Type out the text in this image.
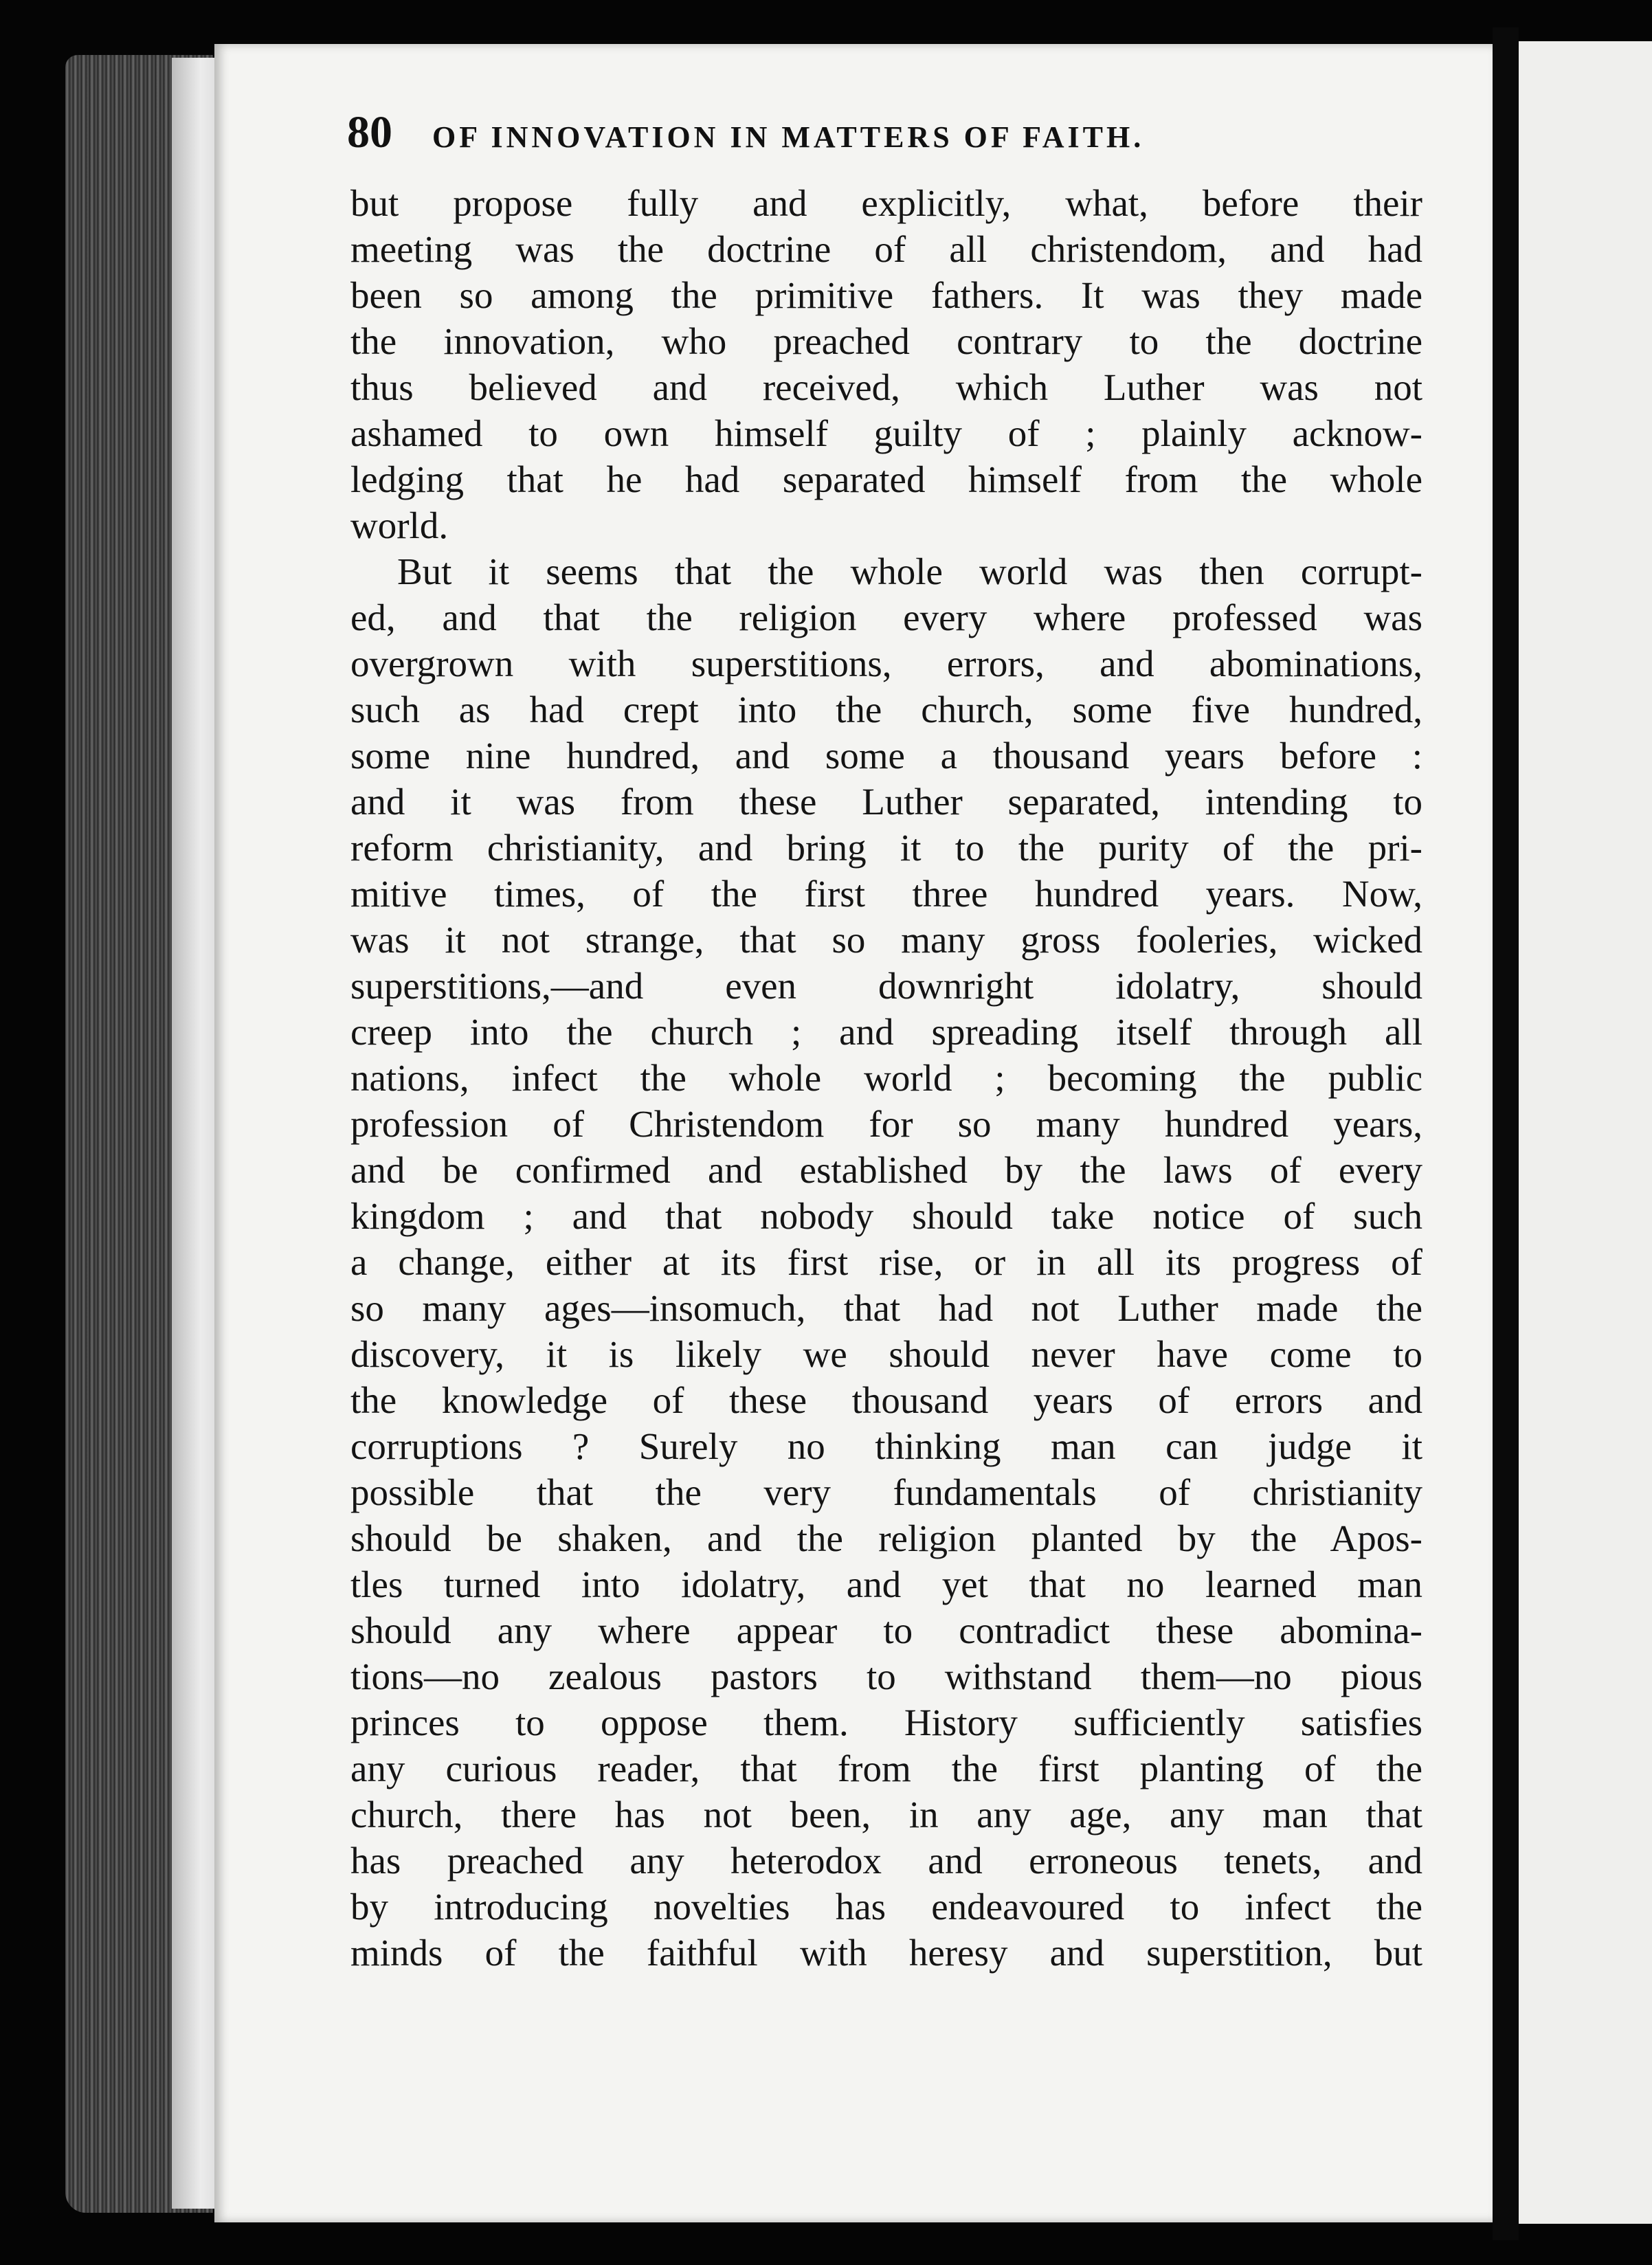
80 OF INNOVATION IN MATTERS OF FAITH.
but propose fully and explicitly, what, before their
meeting was the doctrine of all christendom, and had
been so among the primitive fathers. It was they made
the innovation, who preached contrary to the doctrine
thus believed and received, which Luther was not
ashamed to own himself guilty of ; plainly acknow-
ledging that he had separated himself from the whole
world.
But it seems that the whole world was then corrupt-
ed, and that the religion every where professed was
overgrown with superstitions, errors, and abominations,
such as had crept into the church, some five hundred,
some nine hundred, and some a thousand years before :
and it was from these Luther separated, intending to
reform christianity, and bring it to the purity of the pri-
mitive times, of the first three hundred years. Now,
was it not strange, that so many gross fooleries, wicked
superstitions,—and even downright idolatry, should
creep into the church ; and spreading itself through all
nations, infect the whole world ; becoming the public
profession of Christendom for so many hundred years,
and be confirmed and established by the laws of every
kingdom ; and that nobody should take notice of such
a change, either at its first rise, or in all its progress of
so many ages—insomuch, that had not Luther made the
discovery, it is likely we should never have come to
the knowledge of these thousand years of errors and
corruptions ? Surely no thinking man can judge it
possible that the very fundamentals of christianity
should be shaken, and the religion planted by the Apos-
tles turned into idolatry, and yet that no learned man
should any where appear to contradict these abomina-
tions—no zealous pastors to withstand them—no pious
princes to oppose them. History sufficiently satisfies
any curious reader, that from the first planting of the
church, there has not been, in any age, any man that
has preached any heterodox and erroneous tenets, and
by introducing novelties has endeavoured to infect the
minds of the faithful with heresy and superstition, but
